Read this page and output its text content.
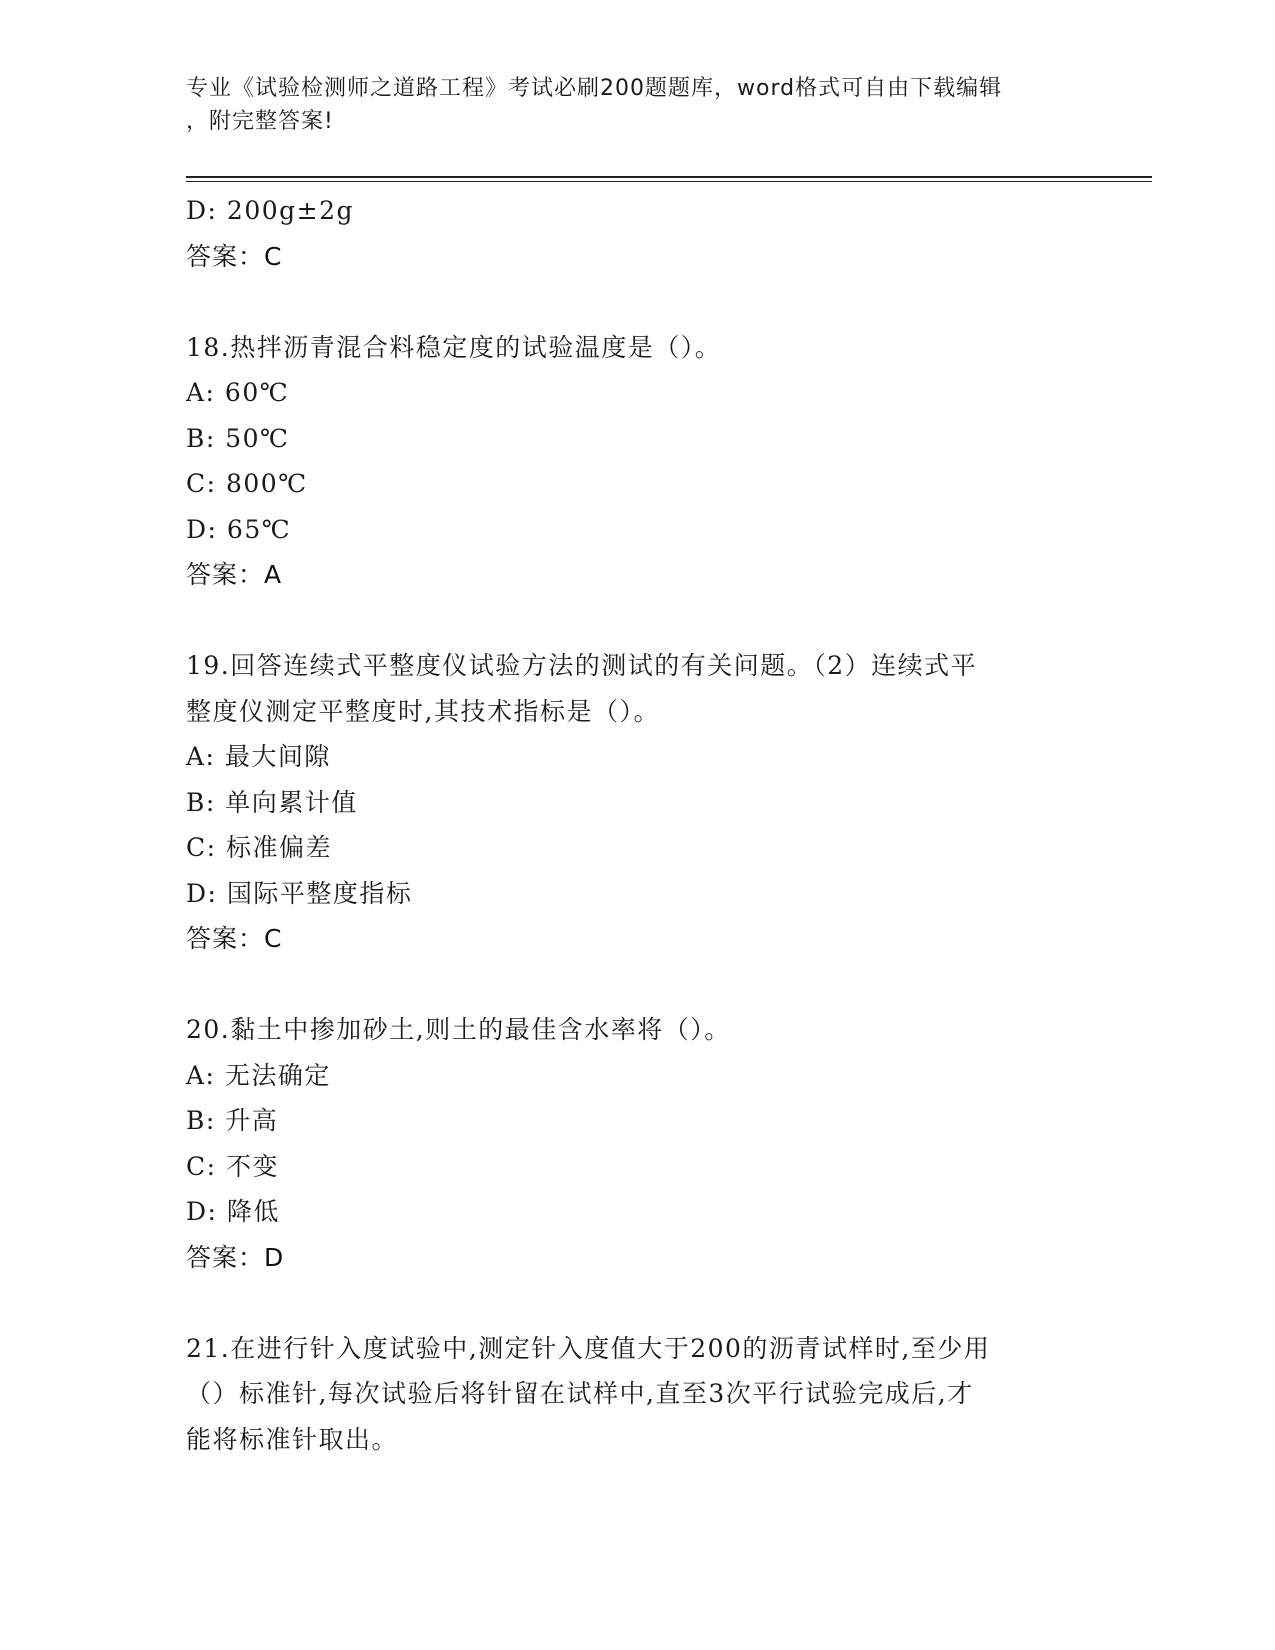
专业《试验检测师之道路工程》考试必刷200题题库，word格式可自由下载编辑
，附完整答案!
D: 200g±2g
答案：C
18.热拌沥青混合料稳定度的试验温度是（）。
A: 60℃
B: 50℃
C: 800℃
D: 65℃
答案：A
19.回答连续式平整度仪试验方法的测试的有关问题。（2）连续式平
整度仪测定平整度时,其技术指标是（）。
A: 最大间隙
B: 单向累计值
C: 标准偏差
D: 国际平整度指标
答案：C
20.黏土中掺加砂土,则土的最佳含水率将（）。
A: 无法确定
B: 升高
C: 不变
D: 降低
答案：D
21.在进行针入度试验中,测定针入度值大于200的沥青试样时,至少用
（）标准针,每次试验后将针留在试样中,直至3次平行试验完成后,才
能将标准针取出。
